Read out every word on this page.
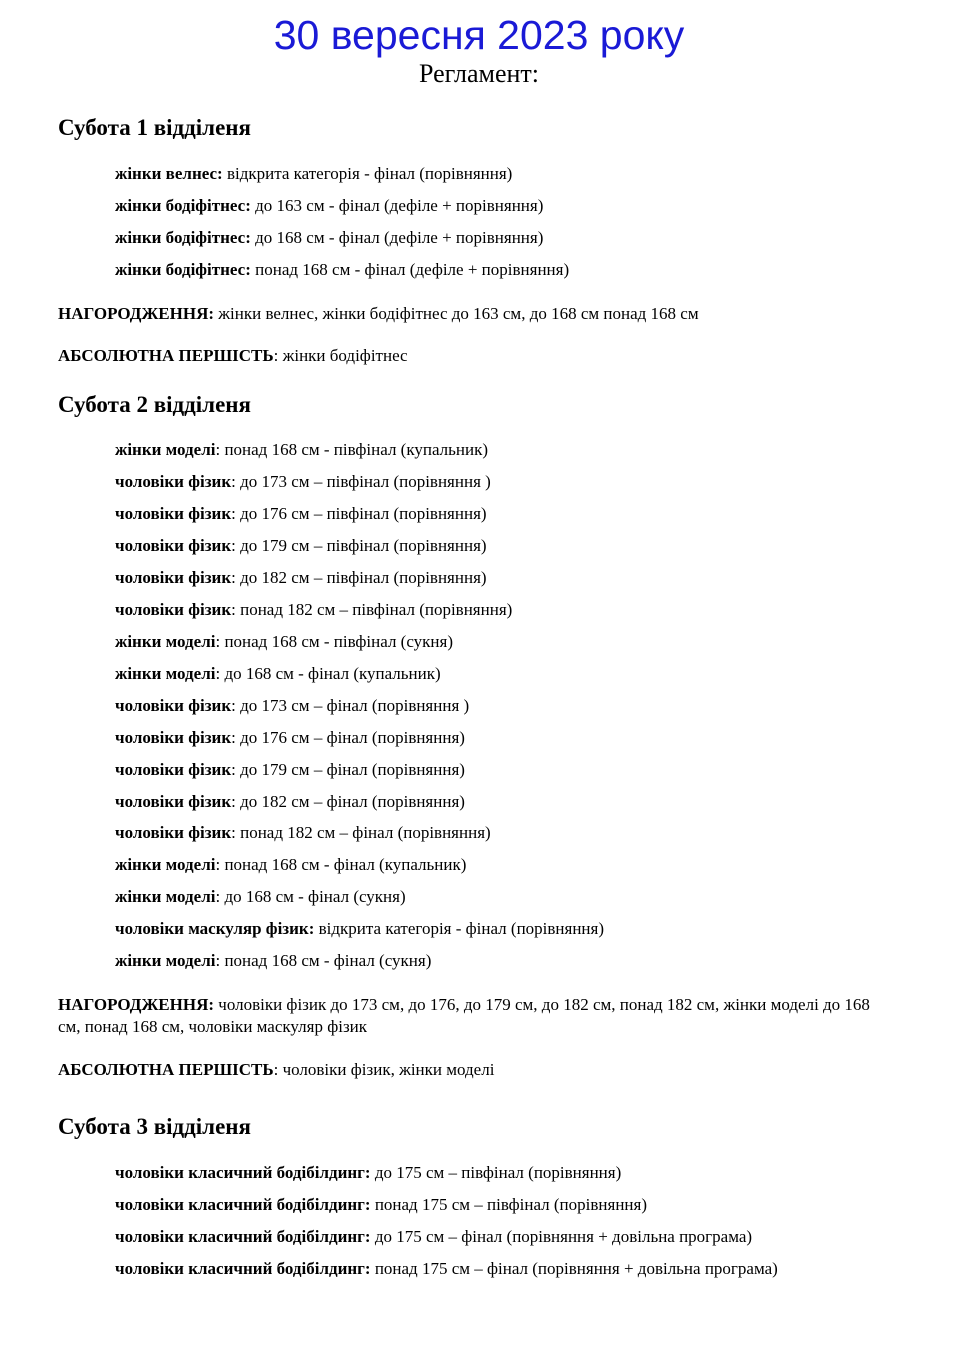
30 вересня 2023 року
Регламент:
Субота 1 відділеня
жінки велнес: відкрита категорія - фінал (порівняння)
жінки бодіфітнес: до 163 см - фінал (дефіле + порівняння)
жінки бодіфітнес: до 168 см - фінал (дефіле + порівняння)
жінки бодіфітнес: понад 168 см - фінал (дефіле + порівняння)
НАГОРОДЖЕННЯ: жінки велнес, жінки бодіфітнес до 163 см, до 168 см понад 168 см
АБСОЛЮТНА ПЕРШІСТЬ: жінки бодіфітнес
Субота 2 відділеня
жінки моделі: понад 168 см - півфінал (купальник)
чоловіки фізик: до 173 см – півфінал (порівняння )
чоловіки фізик: до 176 см – півфінал (порівняння)
чоловіки фізик: до 179 см – півфінал (порівняння)
чоловіки фізик: до 182 см – півфінал (порівняння)
чоловіки фізик: понад 182 см – півфінал (порівняння)
жінки моделі: понад 168 см - півфінал (сукня)
жінки моделі: до 168 см - фінал (купальник)
чоловіки фізик: до 173 см – фінал (порівняння )
чоловіки фізик: до 176 см – фінал (порівняння)
чоловіки фізик: до 179 см – фінал (порівняння)
чоловіки фізик: до 182 см – фінал (порівняння)
чоловіки фізик: понад 182 см – фінал (порівняння)
жінки моделі: понад 168 см - фінал (купальник)
жінки моделі: до 168 см - фінал (сукня)
чоловіки маскуляр фізик: відкрита категорія - фінал (порівняння)
жінки моделі: понад 168 см - фінал (сукня)
НАГОРОДЖЕННЯ: чоловіки фізик до 173 см, до 176, до 179 см, до 182 см, понад 182 см, жінки моделі до 168 см, понад 168 см, чоловіки маскуляр фізик
АБСОЛЮТНА ПЕРШІСТЬ: чоловіки фізик, жінки моделі
Субота 3 відділеня
чоловіки класичний бодібілдинг: до 175 см – півфінал (порівняння)
чоловіки класичний бодібілдинг: понад 175 см – півфінал (порівняння)
чоловіки класичний бодібілдинг: до 175 см – фінал (порівняння + довільна програма)
чоловіки класичний бодібілдинг: понад 175 см – фінал (порівняння + довільна програма)
